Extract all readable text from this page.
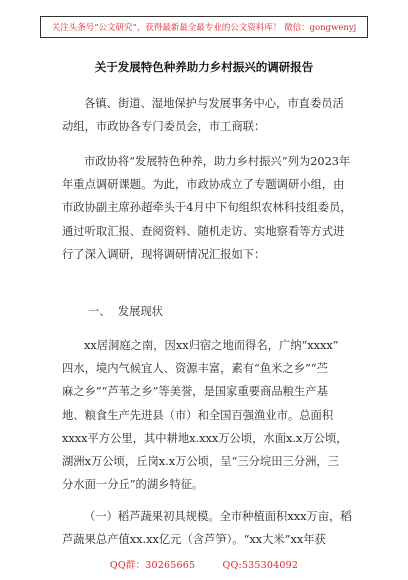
关注头条号“公文研究”，获得最新最全最专业的公文资料库！ 微信：gongwenyj
关于发展特色种养助力乡村振兴的调研报告

各镇、街道、湿地保护与发展事务中心，市直委员活
动组，市政协各专门委员会，市工商联：

市政协将“发展特色种养，助力乡村振兴”列为2023年
年重点调研课题。为此，市政协成立了专题调研小组，由
市政协副主席孙超牵头于4月中下旬组织农林科技组委员，
通过听取汇报、查阅资料、随机走访、实地察看等方式进
行了深入调研，现将调研情况汇报如下：

一、  发展现状

xx居洞庭之南，因xx归宿之地而得名，广纳“xxxx”
四水，境内气候宜人、资源丰富，素有“鱼米之乡”“苎
麻之乡”“芦苇之乡”等美誉，是国家重要商品粮生产基
地、粮食生产先进县（市）和全国百强渔业市。总面积
xxxx平方公里，其中耕地x.xxx万公顷，水面x.x万公顷，
湖洲x万公顷，丘岗x.x万公顷，呈“三分垸田三分洲，三
分水面一分丘”的湖乡特征。

（一）稻芦蔬果初具规模。全市种植面积xxx万亩，稻
芦蔬果总产值xx.xx亿元（含芦笋）。“xx大米”xx年获

QQ群：30265665	QQ:535304092
